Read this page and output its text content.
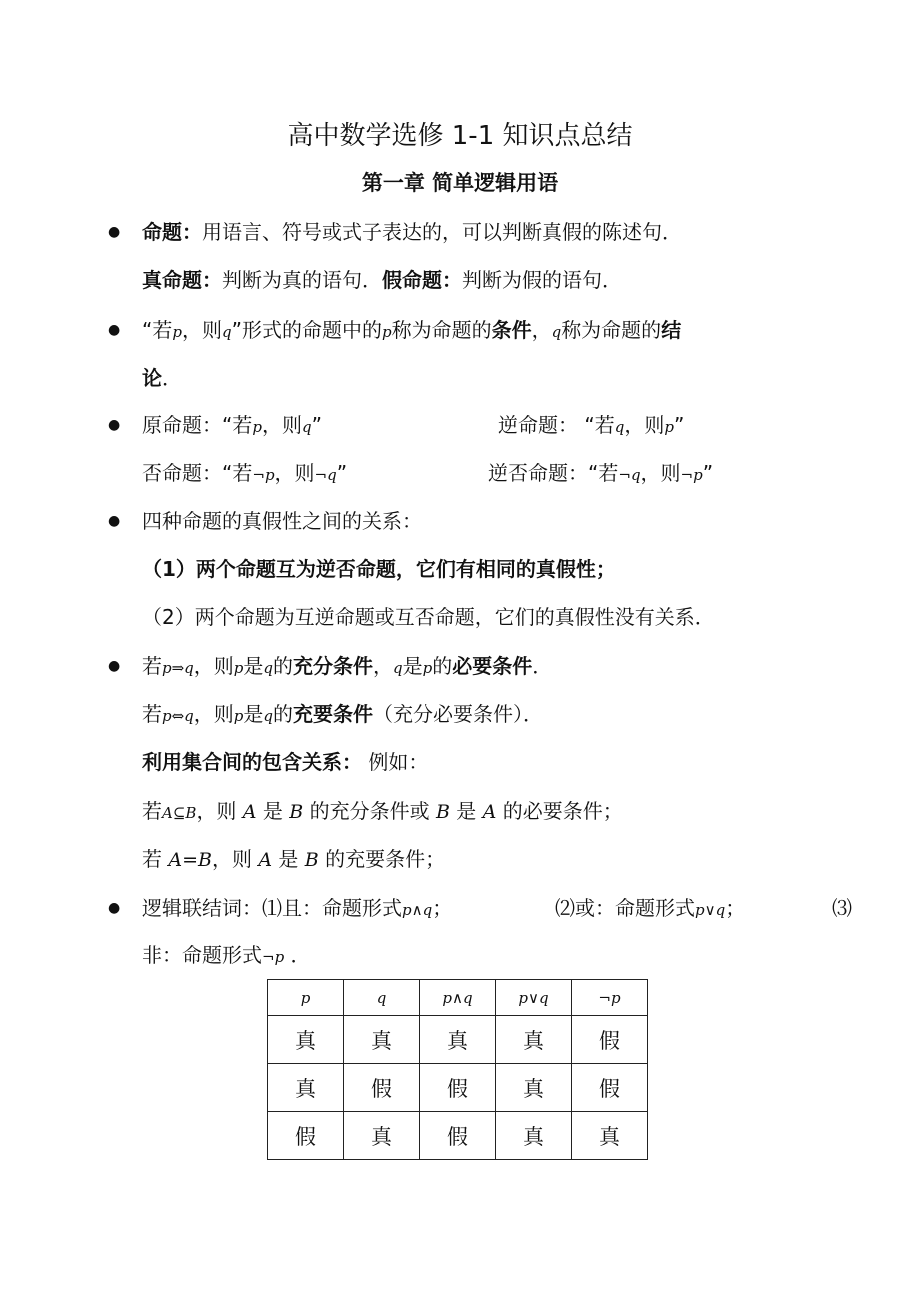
高中数学选修 1-1 知识点总结
第一章 简单逻辑用语
● 命题：用语言、符号或式子表达的，可以判断真假的陈述句．
真命题：判断为真的语句．假命题：判断为假的语句．
● “若p，则q”形式的命题中的p称为命题的条件，q称为命题的结
论．
● 原命题：“若p，则q”	逆命题： “若q，则p”
否命题：“若¬p，则¬q”	逆否命题：“若¬q，则¬p”
● 四种命题的真假性之间的关系：
（1）两个命题互为逆否命题，它们有相同的真假性；
（2）两个命题为互逆命题或互否命题，它们的真假性没有关系．
● 若p⇒q，则p是q的充分条件，q是p的必要条件．
若p⇔q，则p是q的充要条件（充分必要条件）．
利用集合间的包含关系： 例如：
若A⊆B，则 A 是 B 的充分条件或 B 是 A 的必要条件；
若 A=B，则 A 是 B 的充要条件；
● 逻辑联结词：⑴且：命题形式p∧q；	⑵或：命题形式p∨q；	⑶
非：命题形式¬p ．
p	q	p∧q	p∨q	¬p
真	真	真	真	假
真	假	假	真	假
假	真	假	真	真
